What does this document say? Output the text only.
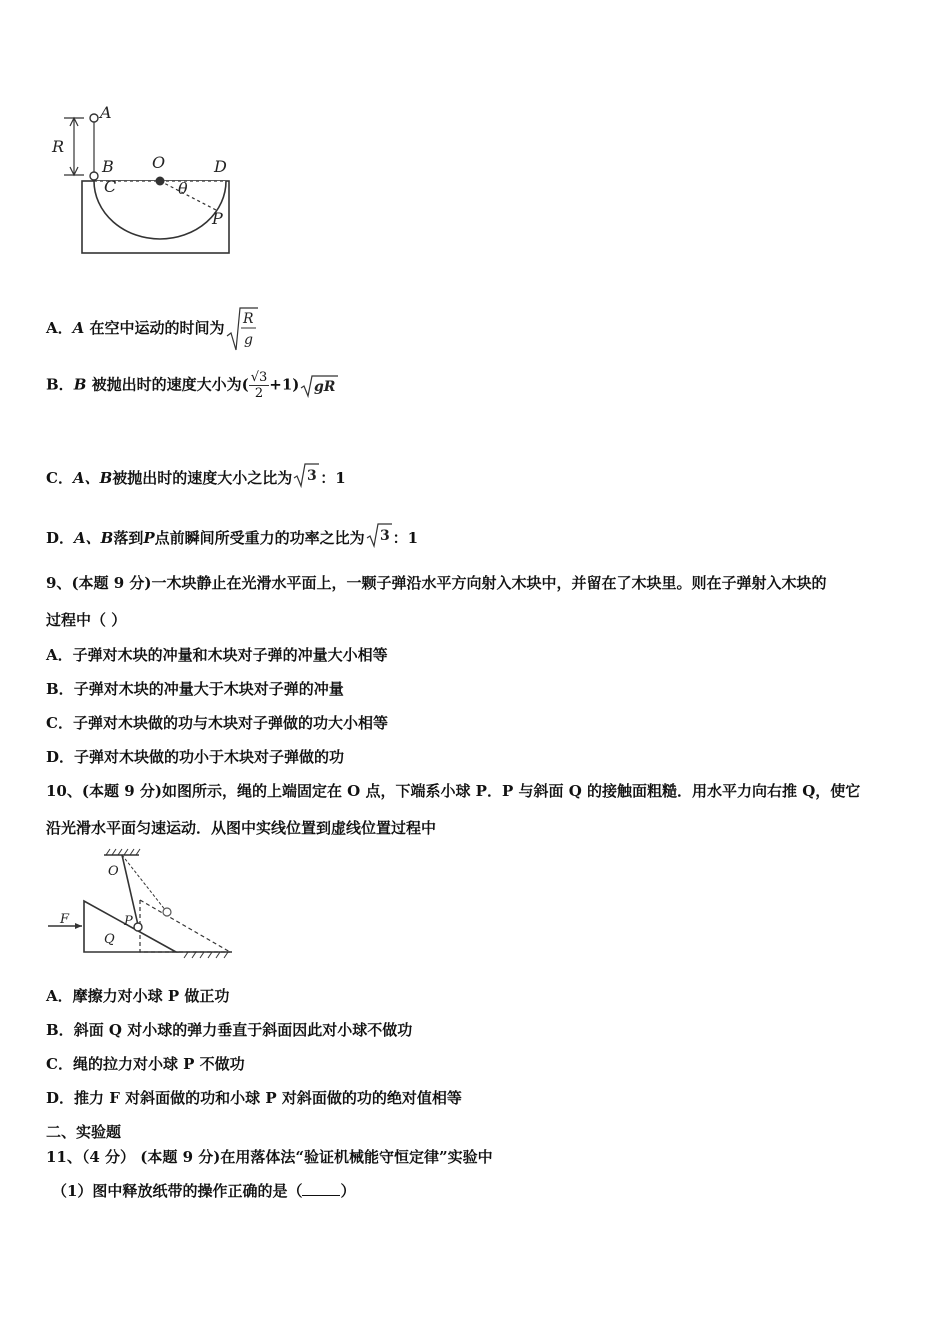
A
R
B O	D
C	θ
P
A．A 在空中运动的时间为 R
g
B．B 被抛出时的速度大小为( $\frac{√3}{2} +1$) gR
C．A、B被抛出时的速度大小之比为 3 ：1
D．A、B落到P点前瞬间所受重力的功率之比为 3 ：1
9、(本题 9 分)一木块静止在光滑水平面上，一颗子弹沿水平方向射入木块中，并留在了木块里。则在子弹射入木块的
过程中（ ）
A．子弹对木块的冲量和木块对子弹的冲量大小相等
B．子弹对木块的冲量大于木块对子弹的冲量
C．子弹对木块做的功与木块对子弹做的功大小相等
D．子弹对木块做的功小于木块对子弹做的功
10、(本题 9 分)如图所示，绳的上端固定在 O 点，下端系小球 P．P 与斜面 Q 的接触面粗糙．用水平力向右推 Q，使它
沿光滑水平面匀速运动．从图中实线位置到虚线位置过程中
O
F	P
Q
A．摩擦力对小球 P 做正功
B．斜面 Q 对小球的弹力垂直于斜面因此对小球不做功
C．绳的拉力对小球 P 不做功
D．推力 F 对斜面做的功和小球 P 对斜面做的功的绝对值相等
二、实验题
11、（4 分） (本题 9 分)在用落体法“验证机械能守恒定律”实验中
（1）图中释放纸带的操作正确的是（	）
